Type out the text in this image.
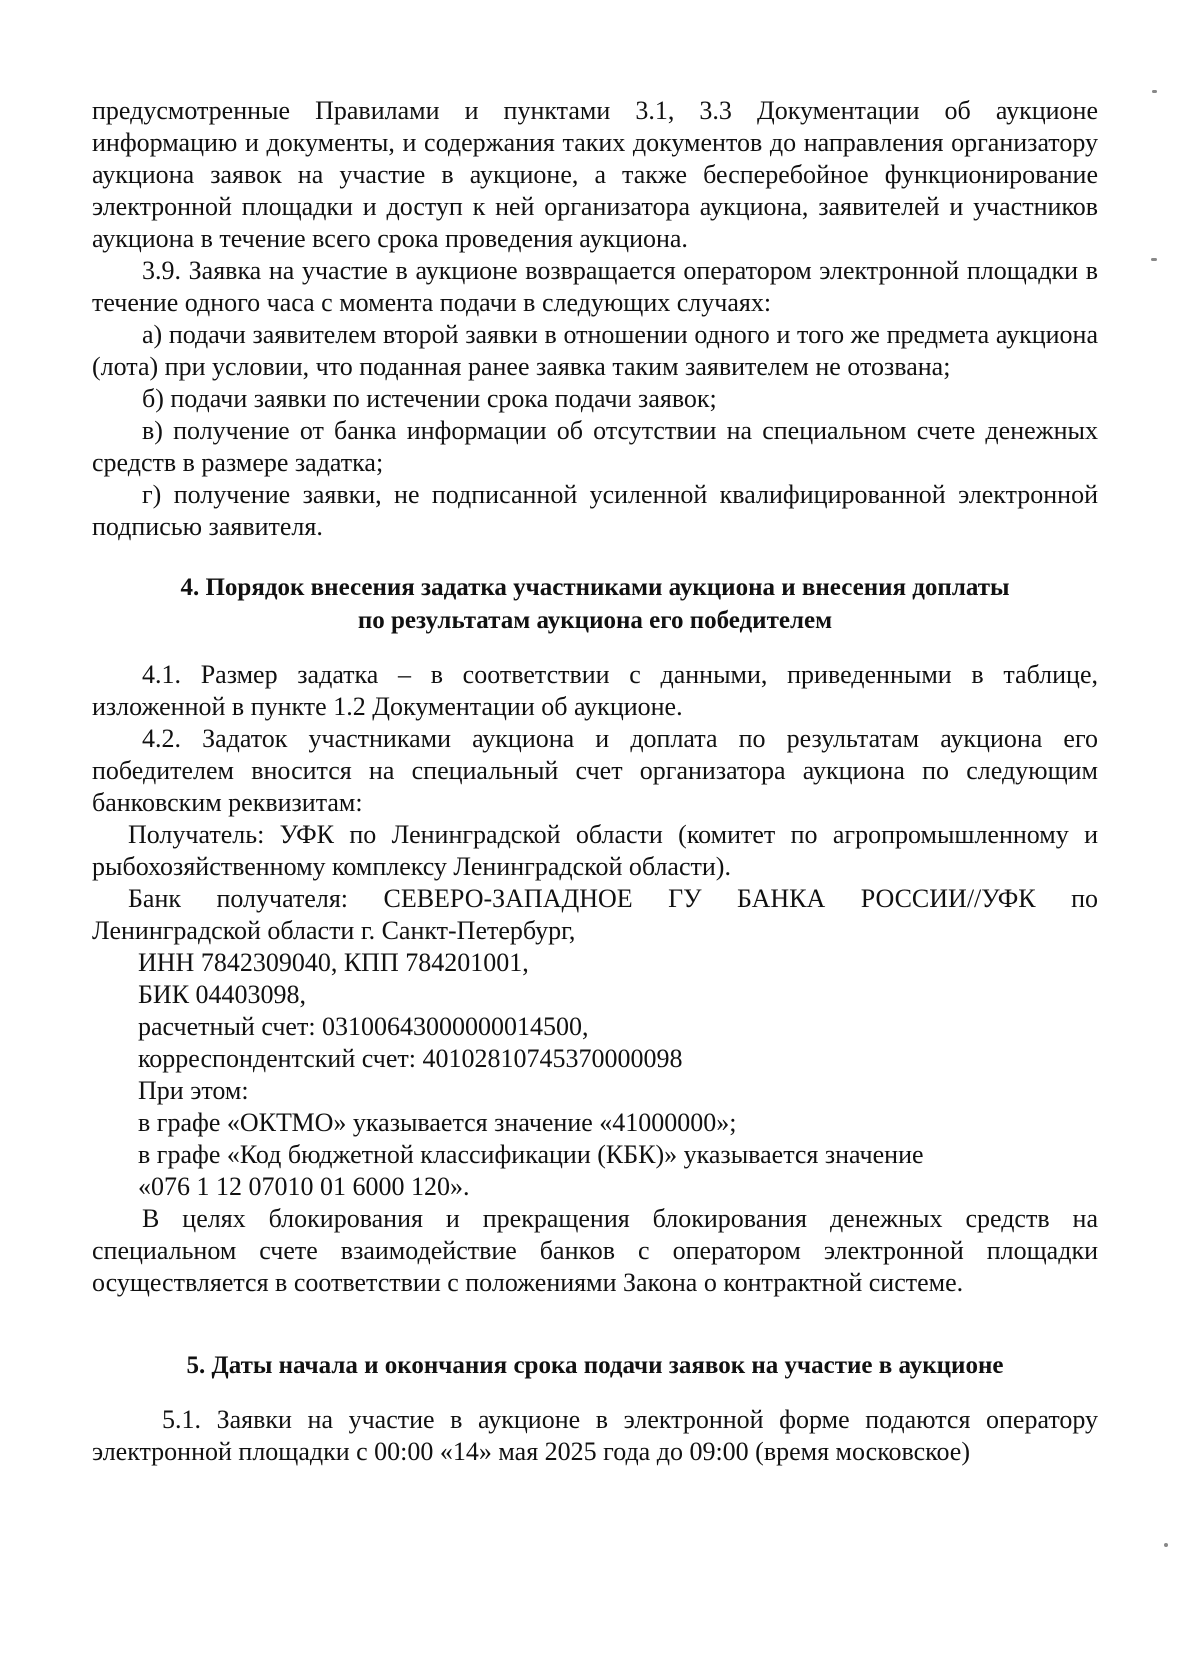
предусмотренные Правилами и пунктами 3.1, 3.3 Документации об аукционе информацию и документы, и содержания таких документов до направления организатору аукциона заявок на участие в аукционе, а также бесперебойное функционирование электронной площадки и доступ к ней организатора аукциона, заявителей и участников аукциона в течение всего срока проведения аукциона.

3.9. Заявка на участие в аукционе возвращается оператором электронной площадки в течение одного часа с момента подачи в следующих случаях:

а) подачи заявителем второй заявки в отношении одного и того же предмета аукциона (лота) при условии, что поданная ранее заявка таким заявителем не отозвана;

б) подачи заявки по истечении срока подачи заявок;

в) получение от банка информации об отсутствии на специальном счете денежных средств в размере задатка;

г) получение заявки, не подписанной усиленной квалифицированной электронной подписью заявителя.

4. Порядок внесения задатка участниками аукциона и внесения доплаты
по результатам аукциона его победителем

4.1. Размер задатка – в соответствии с данными, приведенными в таблице, изложенной в пункте 1.2 Документации об аукционе.

4.2. Задаток участниками аукциона и доплата по результатам аукциона его победителем вносится на специальный счет организатора аукциона по следующим банковским реквизитам:

Получатель: УФК по Ленинградской области (комитет по агропромышленному и рыбохозяйственному комплексу Ленинградской области).

Банк получателя: СЕВЕРО-ЗАПАДНОЕ ГУ БАНКА РОССИИ//УФК по Ленинградской области г. Санкт-Петербург,

ИНН 7842309040, КПП 784201001,

БИК 04403098,

расчетный счет: 03100643000000014500,

корреспондентский счет: 40102810745370000098

При этом:

в графе «ОКТМО» указывается значение «41000000»;

в графе «Код бюджетной классификации (КБК)» указывается значение

«076 1 12 07010 01 6000 120».

В целях блокирования и прекращения блокирования денежных средств на специальном счете взаимодействие банков с оператором электронной площадки осуществляется в соответствии с положениями Закона о контрактной системе.

5. Даты начала и окончания срока подачи заявок на участие в аукционе

5.1. Заявки на участие в аукционе в электронной форме подаются оператору электронной площадки с 00:00 «14» мая 2025 года до 09:00 (время московское)
